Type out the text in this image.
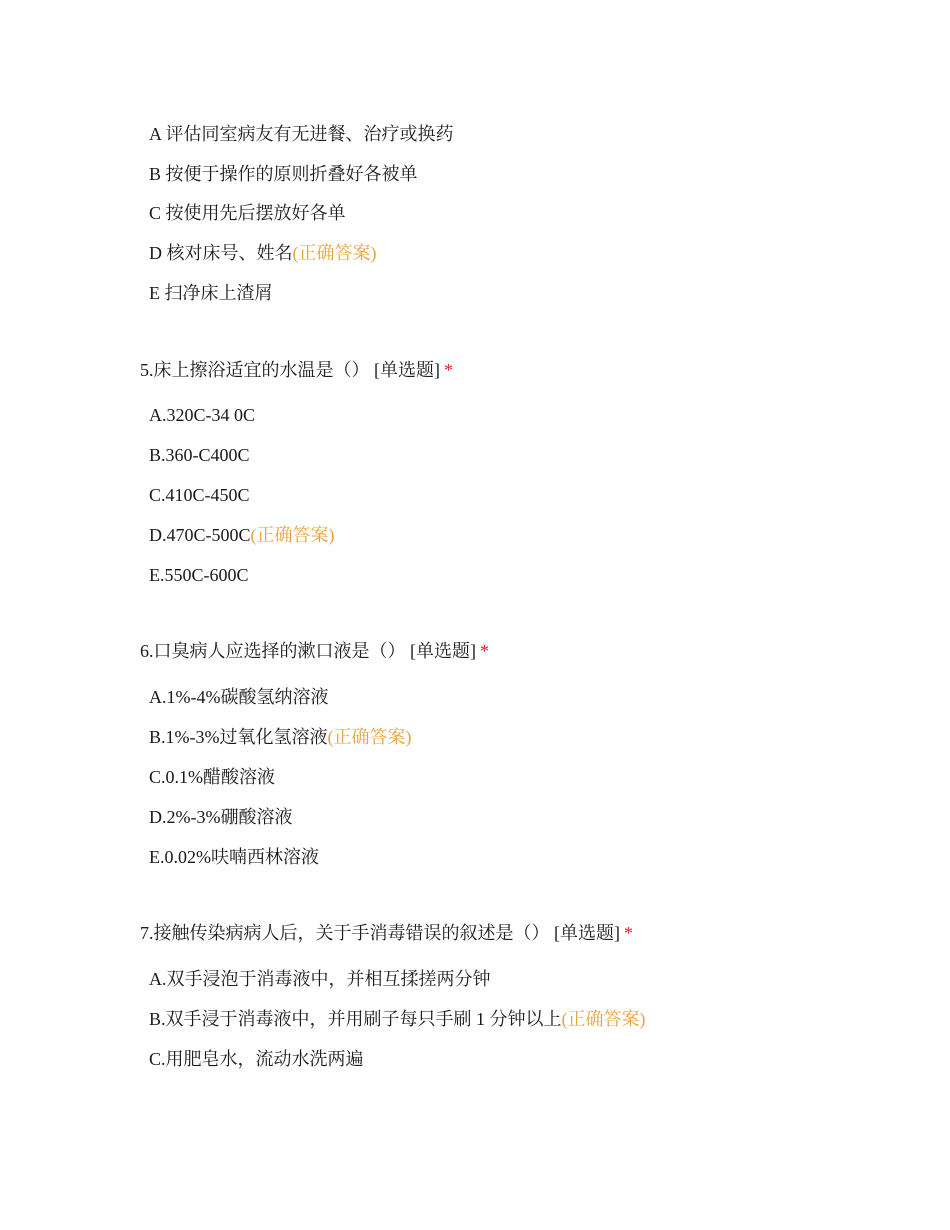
A 评估同室病友有无进餐、治疗或换药
B 按便于操作的原则折叠好各被单
C 按使用先后摆放好各单
D 核对床号、姓名(正确答案)
E 扫净床上渣屑
5.床上擦浴适宜的水温是（） [单选题] *
A.320C-34 0C
B.360-C400C
C.410C-450C
D.470C-500C(正确答案)
E.550C-600C
6.口臭病人应选择的漱口液是（） [单选题] *
A.1%-4%碳酸氢纳溶液
B.1%-3%过氧化氢溶液(正确答案)
C.0.1%醋酸溶液
D.2%-3%硼酸溶液
E.0.02%呋喃西林溶液
7.接触传染病病人后，关于手消毒错误的叙述是（） [单选题] *
A.双手浸泡于消毒液中，并相互揉搓两分钟
B.双手浸于消毒液中，并用刷子每只手刷 1 分钟以上(正确答案)
C.用肥皂水，流动水洗两遍
